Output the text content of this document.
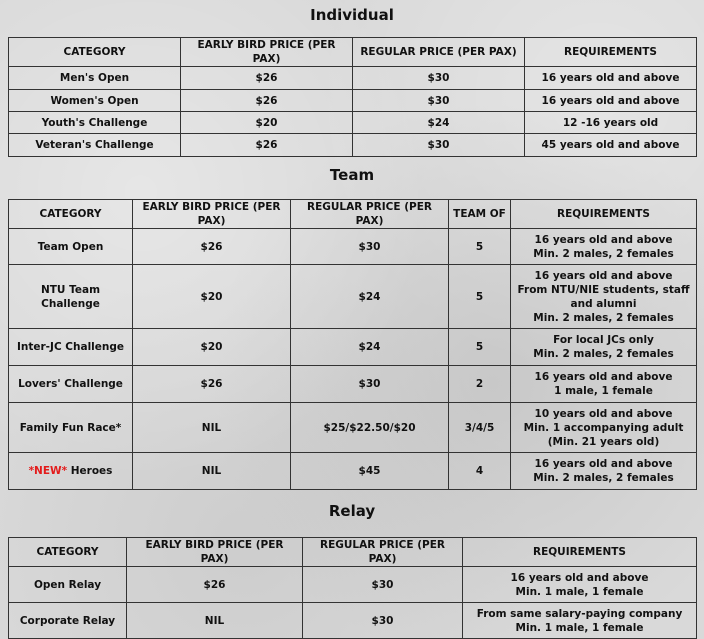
Individual
CATEGORY	EARLY BIRD PRICE (PER PAX)	REGULAR PRICE (PER PAX)	REQUIREMENTS
Men's Open	$26	$30	16 years old and above
Women's Open	$26	$30	16 years old and above
Youth's Challenge	$20	$24	12 -16 years old
Veteran's Challenge	$26	$30	45 years old and above
Team
CATEGORY	EARLY BIRD PRICE (PER PAX)	REGULAR PRICE (PER PAX)	TEAM OF	REQUIREMENTS
Team Open	$26	$30	5	16 years old and above
Min. 2 males, 2 females

NTU Team Challenge	$20	$24	5	16 years old and above
From NTU/NIE students, staff
and alumni
Min. 2 males, 2 females

Inter-JC Challenge	$20	$24	5	For local JCs only
Min. 2 males, 2 females

Lovers' Challenge	$26	$30	2	16 years old and above
1 male, 1 female

Family Fun Race*	NIL	$25/$22.50/$20	3/4/5	10 years old and above
Min. 1 accompanying adult
(Min. 21 years old)

*NEW* Heroes	NIL	$45	4	16 years old and above
Min. 2 males, 2 females
Relay
CATEGORY	EARLY BIRD PRICE (PER PAX)	REGULAR PRICE (PER PAX)	REQUIREMENTS
Open Relay	$26	$30	16 years old and above
Min. 1 male, 1 female

Corporate Relay	NIL	$30	From same salary-paying company
Min. 1 male, 1 female
